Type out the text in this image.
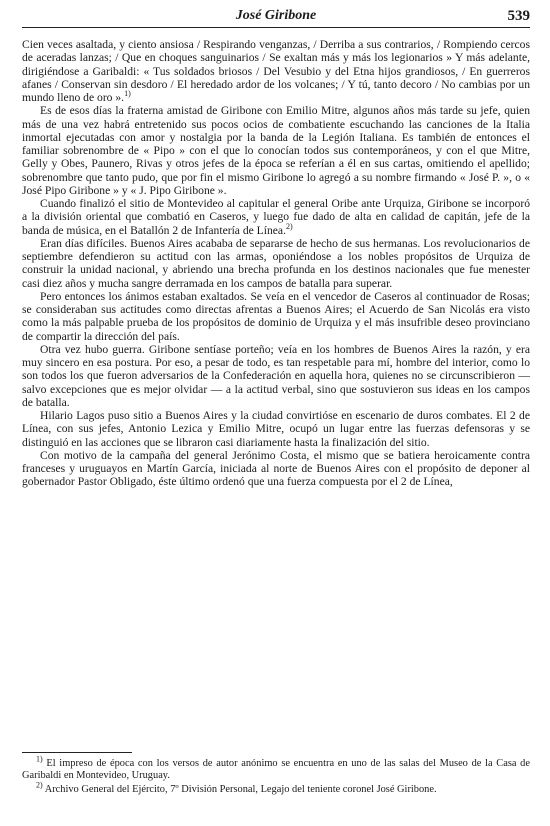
José Giribone	539

Cien veces asaltada, y ciento ansiosa / Respirando venganzas, / Derriba a sus contrarios, / Rompiendo cercos de aceradas lanzas; / Que en choques sanguinarios / Se exaltan más y más los legionarios » Y más adelante, dirigiéndose a Garibaldi: « Tus soldados briosos / Del Vesubio y del Etna hijos grandiosos, / En guerreros afanes / Conservan sin desdoro / El heredado ardor de los volcanes; / Y tú, tanto decoro / No cambias por un mundo lleno de oro ».$^{1)}$

Es de esos días la fraterna amistad de Giribone con Emilio Mitre, algunos años más tarde su jefe, quien más de una vez habrá entretenido sus pocos ocios de combatiente escuchando las canciones de la Italia inmortal ejecutadas con amor y nostalgia por la banda de la Legión Italiana. Es también de entonces el familiar sobrenombre de « Pipo » con el que lo conocían todos sus contemporáneos, y con el que Mitre, Gelly y Obes, Paunero, Rivas y otros jefes de la época se referían a él en sus cartas, omitiendo el apellido; sobrenombre que tanto pudo, que por fin el mismo Giribone lo agregó a su nombre firmando « José P. », o « José Pipo Giribone » y « J. Pipo Giribone ».

Cuando finalizó el sitio de Montevideo al capitular el general Oribe ante Urquiza, Giribone se incorporó a la división oriental que combatió en Caseros, y luego fue dado de alta en calidad de capitán, jefe de la banda de música, en el Batallón 2 de Infantería de Línea.$^{2)}$

Eran días difíciles. Buenos Aires acababa de separarse de hecho de sus hermanas. Los revolucionarios de septiembre defendieron su actitud con las armas, oponiéndose a los nobles propósitos de Urquiza de construir la unidad nacional, y abriendo una brecha profunda en los destinos nacionales que fue menester casi diez años y mucha sangre derramada en los campos de batalla para superar.

Pero entonces los ánimos estaban exaltados. Se veía en el vencedor de Caseros al continuador de Rosas; se consideraban sus actitudes como directas afrentas a Buenos Aires; el Acuerdo de San Nicolás era visto como la más palpable prueba de los propósitos de dominio de Urquiza y el más insufrible deseo provinciano de compartir la dirección del país.

Otra vez hubo guerra. Giribone sentíase porteño; veía en los hombres de Buenos Aires la razón, y era muy sincero en esa postura. Por eso, a pesar de todo, es tan respetable para mí, hombre del interior, como lo son todos los que fueron adversarios de la Confederación en aquella hora, quienes no se circunscribieron — salvo excepciones que es mejor olvidar — a la actitud verbal, sino que sostuvieron sus ideas en los campos de batalla.

Hilario Lagos puso sitio a Buenos Aires y la ciudad convirtióse en escenario de duros combates. El 2 de Línea, con sus jefes, Antonio Lezica y Emilio Mitre, ocupó un lugar entre las fuerzas defensoras y se distinguió en las acciones que se libraron casi diariamente hasta la finalización del sitio.

Con motivo de la campaña del general Jerónimo Costa, el mismo que se batiera heroicamente contra franceses y uruguayos en Martín García, iniciada al norte de Buenos Aires con el propósito de deponer al gobernador Pastor Obligado, éste último ordenó que una fuerza compuesta por el 2 de Línea,

$^{1)}$ El impreso de época con los versos de autor anónimo se encuentra en uno de las salas del Museo de la Casa de Garibaldi en Montevideo, Uruguay.

$^{2)}$ Archivo General del Ejército, 7º División Personal, Legajo del teniente coronel José Giribone.
